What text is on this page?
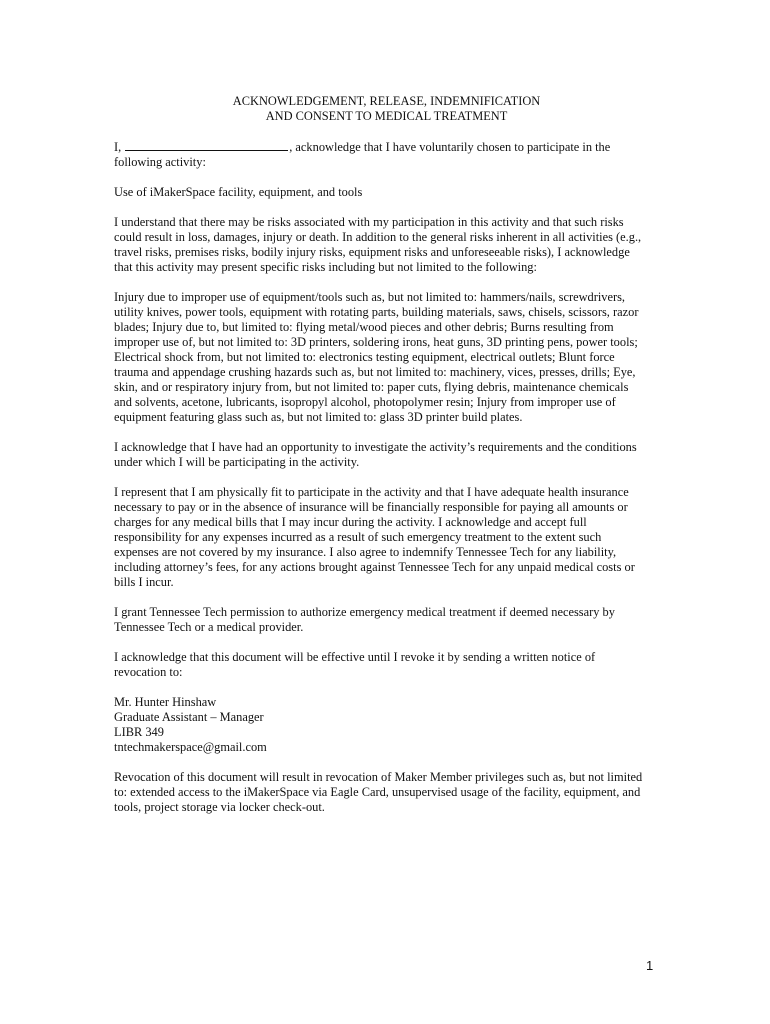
ACKNOWLEDGEMENT, RELEASE, INDEMNIFICATION
AND CONSENT TO MEDICAL TREATMENT
I,	, acknowledge that I have voluntarily chosen to participate in the
following activity:
Use of iMakerSpace facility, equipment, and tools
I understand that there may be risks associated with my participation in this activity and that such risks
could result in loss, damages, injury or death. In addition to the general risks inherent in all activities (e.g.,
travel risks, premises risks, bodily injury risks, equipment risks and unforeseeable risks), I acknowledge
that this activity may present specific risks including but not limited to the following:
Injury due to improper use of equipment/tools such as, but not limited to: hammers/nails, screwdrivers,
utility knives, power tools, equipment with rotating parts, building materials, saws, chisels, scissors, razor
blades; Injury due to, but limited to: flying metal/wood pieces and other debris; Burns resulting from
improper use of, but not limited to: 3D printers, soldering irons, heat guns, 3D printing pens, power tools;
Electrical shock from, but not limited to: electronics testing equipment, electrical outlets; Blunt force
trauma and appendage crushing hazards such as, but not limited to: machinery, vices, presses, drills; Eye,
skin, and or respiratory injury from, but not limited to: paper cuts, flying debris, maintenance chemicals
and solvents, acetone, lubricants, isopropyl alcohol, photopolymer resin; Injury from improper use of
equipment featuring glass such as, but not limited to: glass 3D printer build plates.
I acknowledge that I have had an opportunity to investigate the activity’s requirements and the conditions
under which I will be participating in the activity.
I represent that I am physically fit to participate in the activity and that I have adequate health insurance
necessary to pay or in the absence of insurance will be financially responsible for paying all amounts or
charges for any medical bills that I may incur during the activity. I acknowledge and accept full
responsibility for any expenses incurred as a result of such emergency treatment to the extent such
expenses are not covered by my insurance. I also agree to indemnify Tennessee Tech for any liability,
including attorney’s fees, for any actions brought against Tennessee Tech for any unpaid medical costs or
bills I incur.
I grant Tennessee Tech permission to authorize emergency medical treatment if deemed necessary by
Tennessee Tech or a medical provider.
I acknowledge that this document will be effective until I revoke it by sending a written notice of
revocation to:
Mr. Hunter Hinshaw
Graduate Assistant – Manager
LIBR 349
tntechmakerspace@gmail.com
Revocation of this document will result in revocation of Maker Member privileges such as, but not limited
to: extended access to the iMakerSpace via Eagle Card, unsupervised usage of the facility, equipment, and
tools, project storage via locker check-out.
1
